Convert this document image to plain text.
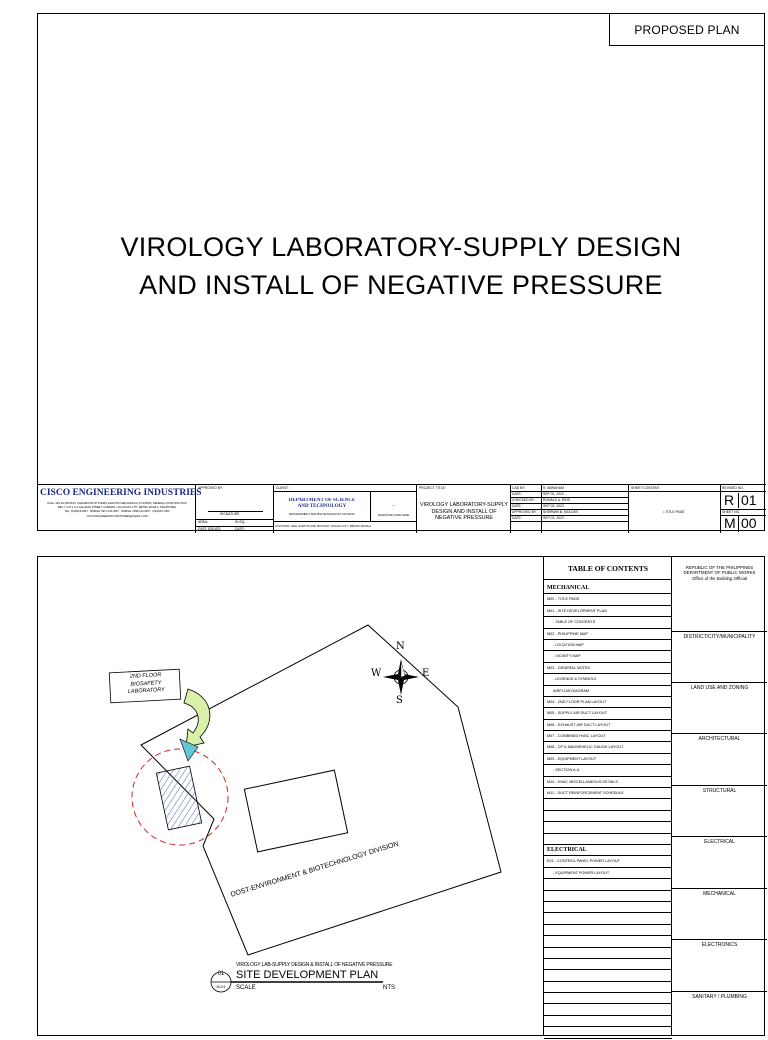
PROPOSED PLAN
VIROLOGY LABORATORY-SUPPLY DESIGN
AND INSTALL OF NEGATIVE PRESSURE
CISCO ENGINEERING INDUSTRIES
HVAC, AIR FILTRATION, CLEANROOM SYSTEMS, ELECTRO-MECHANICAL SYSTEMS, GENERAL CONSTRUCTION
B&G 7 LOT 1 & 2 GALLEON STREET, CAMARIN, CALOOCAN CITY, METRO MANILA, PHILIPPINES
TEL: (02)8123-4567 · MOBILE: 0917-123-4567 · MOBILE: 0998-123-4567 · (02)8123-7654
CISCO ENGINEERING INDUSTRIES@GMAIL.COM
APPROVED BY:
SIGNATURE
AREA:	IN SQ.
DATE ISSUED:	DATE:
CLIENT:
DEPARTMENT OF SCIENCE
AND TECHNOLOGY
ENVIRONMENT AND BIOTECHNOLOGY DIVISION
---
SIGNATURE OVER NAME
LOCATION: GEN. SANTOS AVE. BICUTAN, TAGUIG CITY, METRO MANILA
PROJECT TITLE:
VIROLOGY LABORATORY-SUPPLY DESIGN AND INSTALL OF NEGATIVE PRESSURE
CAD BY:	R. ABRAHAM
DATE:	SEP 02, 2022
CHECKED BY: RONALD A. REIS
DATE:	SEP 02, 2022
APPROVED BY: SHERWIN B. MOLDES
DATE:	SEP 02, 2022
SHEET CONTENT
• TITLE PAGE
REVISED NO.
R 01
SHEET NO.
M 00
N
S
W	E
2ND FLOOR
BIOSAFETY
LABORATORY
DOST-ENVIRONMENT & BIOTECHNOLOGY DIVISION
VIROLOGY LAB-SUPPLY DESIGN & INSTALL OF NEGATIVE PRESSURE
SITE DEVELOPMENT PLAN
01
M-01	SCALE	NTS
TABLE OF CONTENTS
MECHANICAL
M00 - TITLE PAGE
M01 - SITE DEVELOPMENT PLAN
- TABLE OF CONTENTS
M02 - PHILIPPINE MAP
- LOCATION MAP
- VICINITY MAP
M03 - GENERAL NOTES
- LEGENDS & SYMBOLS
AIRFLOW DIAGRAM
M04 - 2ND FLOOR PLAN LAYOUT
M05 - SUPPLY AIR DUCT LAYOUT
M06 - EXHAUST AIR DUCT LAYOUT
M07 - COMBINED HVAC LAYOUT
M08 - CP & MAGNEHELIC GAUGE LAYOUT
M09 - EQUIPMENT LAYOUT
- SECTION A-A
M10 - HVAC MISCELLANEOUS DETAILS
M11 - DUCT REINFORCEMENT SCHEDULE
ELECTRICAL
E01 - CONTROL PANEL POWER LAYOUT
- EQUIPMENT POWER LAYOUT
REPUBLIC OF THE PHILIPPINES
DEPARTMENT OF PUBLIC WORKS
Office of the Building Official
DISTRICT/CITY/MUNICIPALITY
LAND USE AND ZONING
ARCHITECTURAL
STRUCTURAL
ELECTRICAL
MECHANICAL
ELECTRONICS
SANITARY / PLUMBING
